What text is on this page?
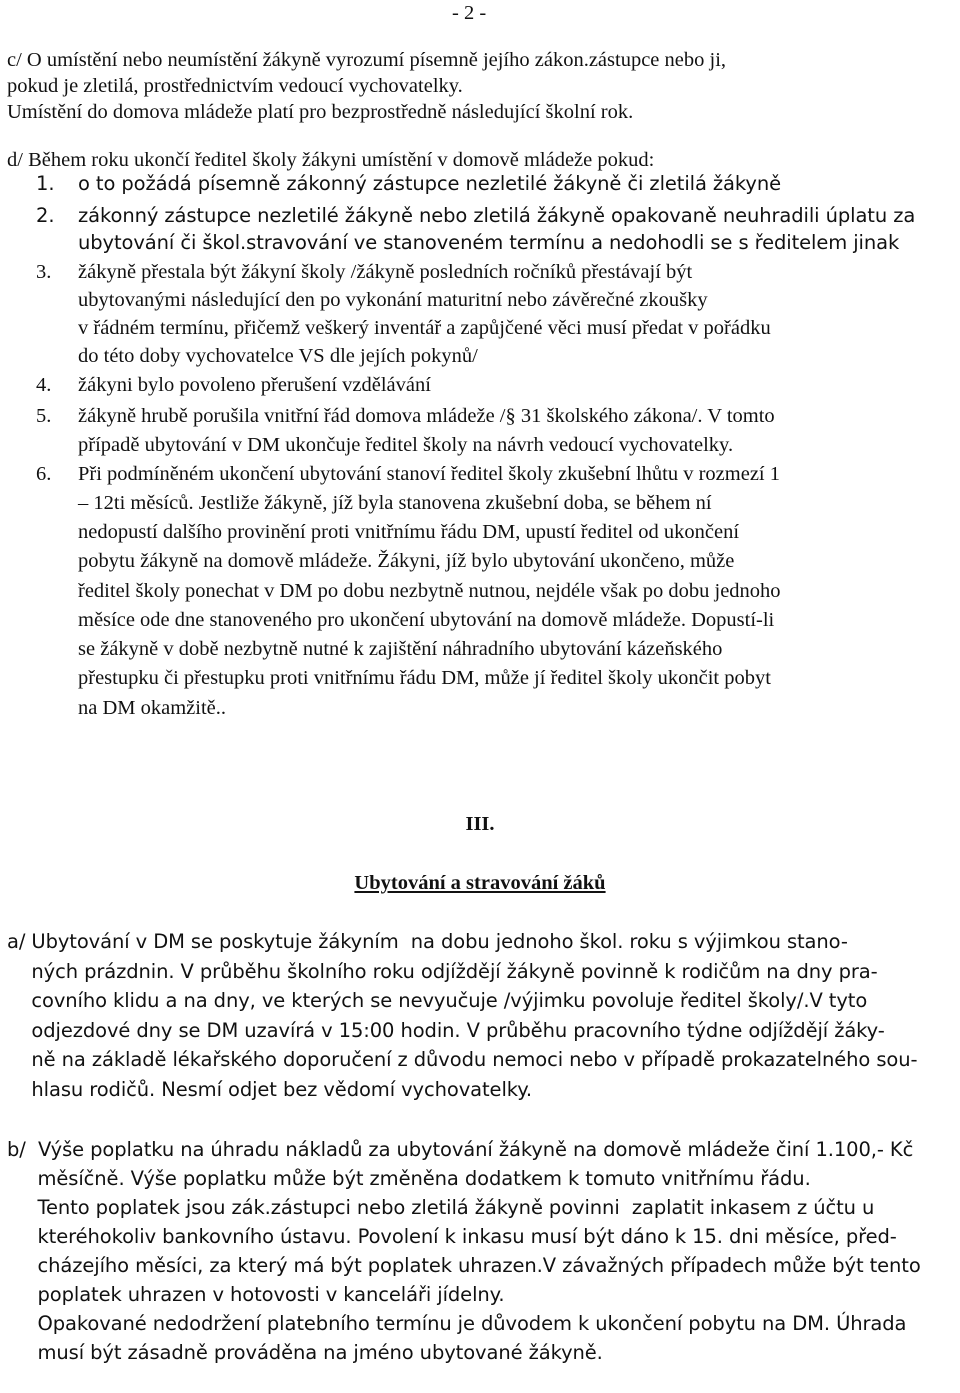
- 2 -
c/ O umístění nebo neumístění žákyně vyrozumí písemně jejího zákon.zástupce nebo ji,
pokud je zletilá, prostřednictvím vedoucí vychovatelky.
Umístění do domova mládeže platí pro bezprostředně následující školní rok.
d/ Během roku ukončí ředitel školy žákyni umístění v domově mládeže pokud:
1. o to požádá písemně zákonný zástupce nezletilé žákyně či zletilá žákyně
2. zákonný zástupce nezletilé žákyně nebo zletilá žákyně opakovaně neuhradili úplatu za
ubytování či škol.stravování ve stanoveném termínu a nedohodli se s ředitelem jinak
3. žákyně přestala být žákyní školy /žákyně posledních ročníků přestávají být
ubytovanými následující den po vykonání maturitní nebo závěrečné zkoušky
v řádném termínu, přičemž veškerý inventář a zapůjčené věci musí předat v pořádku
do této doby vychovatelce VS dle jejích pokynů/
4. žákyni bylo povoleno přerušení vzdělávání
5. žákyně hrubě porušila vnitřní řád domova mládeže /§ 31 školského zákona/. V tomto
případě ubytování v DM ukončuje ředitel školy na návrh vedoucí vychovatelky.
6. Při podmíněném ukončení ubytování stanoví ředitel školy zkušební lhůtu v rozmezí 1
– 12ti měsíců. Jestliže žákyně, jíž byla stanovena zkušební doba, se během ní
nedopustí dalšího provinění proti vnitřnímu řádu DM, upustí ředitel od ukončení
pobytu žákyně na domově mládeže. Žákyni, jíž bylo ubytování ukončeno, může
ředitel školy ponechat v DM po dobu nezbytně nutnou, nejdéle však po dobu jednoho
měsíce ode dne stanoveného pro ukončení ubytování na domově mládeže. Dopustí-li
se žákyně v době nezbytně nutné k zajištění náhradního ubytování kázeňského
přestupku či přestupku proti vnitřnímu řádu DM, může jí ředitel školy ukončit pobyt
na DM okamžitě..
III.
Ubytování a stravování žáků
a/ Ubytování v DM se poskytuje žákyním  na dobu jednoho škol. roku s výjimkou stano-
ných prázdnin. V průběhu školního roku odjíždějí žákyně povinně k rodičům na dny pra-
covního klidu a na dny, ve kterých se nevyučuje /výjimku povoluje ředitel školy/.V tyto
odjezdové dny se DM uzavírá v 15:00 hodin. V průběhu pracovního týdne odjíždějí žáky-
ně na základě lékařského doporučení z důvodu nemoci nebo v případě prokazatelného sou-
hlasu rodičů. Nesmí odjet bez vědomí vychovatelky.
b/  Výše poplatku na úhradu nákladů za ubytování žákyně na domově mládeže činí 1.100,- Kč
měsíčně. Výše poplatku může být změněna dodatkem k tomuto vnitřnímu řádu.
Tento poplatek jsou zák.zástupci nebo zletilá žákyně povinni  zaplatit inkasem z účtu u
kteréhokoliv bankovního ústavu. Povolení k inkasu musí být dáno k 15. dni měsíce, před-
cházejího měsíci, za který má být poplatek uhrazen.V závažných případech může být tento
poplatek uhrazen v hotovosti v kanceláři jídelny.
Opakované nedodržení platebního termínu je důvodem k ukončení pobytu na DM. Úhrada
musí být zásadně prováděna na jméno ubytované žákyně.
